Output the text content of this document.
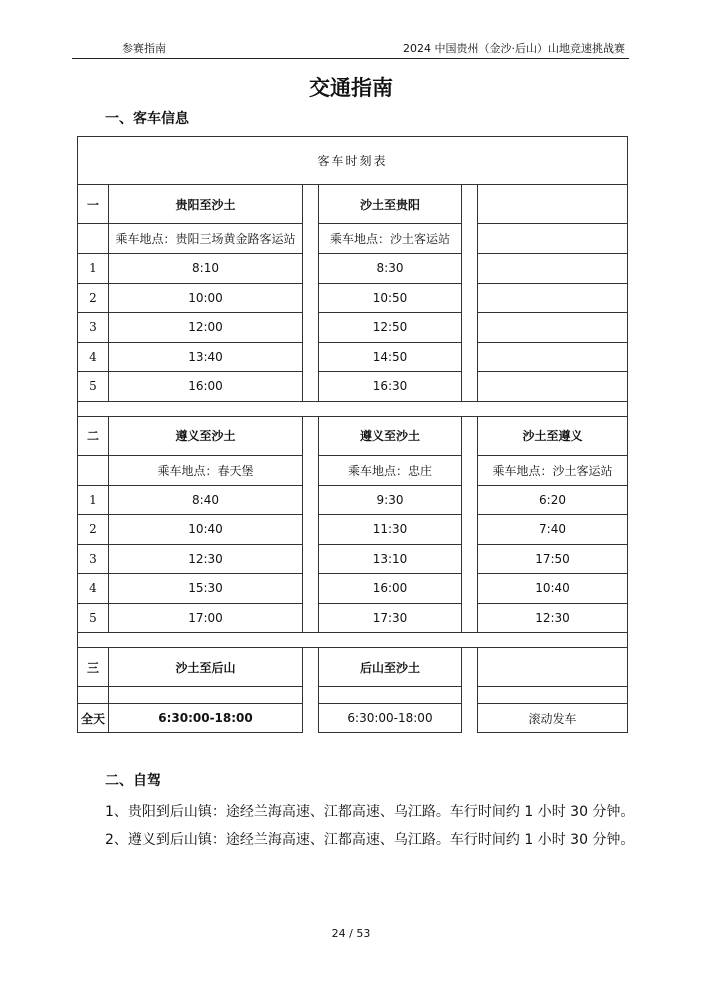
参赛指南	2024 中国贵州（金沙·后山）山地竞速挑战赛
交通指南
一、客车信息
客车时刻表					
一	贵阳至沙土		沙土至贵阳		
	乘车地点：贵阳三场黄金路客运站		乘车地点：沙土客运站		
1	8:10		8:30		
2	10:00		10:50		
3	12:00		12:50		
4	13:40		14:50		
5	16:00		16:30		

二	遵义至沙土		遵义至沙土		沙土至遵义
	乘车地点：春天堡		乘车地点：忠庄		乘车地点：沙土客运站
1	8:40		9:30		6:20
2	10:40		11:30		7:40
3	12:30		13:10		17:50
4	15:30		16:00		10:40
5	17:00		17:30		12:30

三	沙土至后山		后山至沙土		

全天	6:30:00-18:00		6:30:00-18:00		滚动发车
二、自驾
1、贵阳到后山镇：途经兰海高速、江都高速、乌江路。车行时间约 1 小时 30 分钟。
2、遵义到后山镇：途经兰海高速、江都高速、乌江路。车行时间约 1 小时 30 分钟。
24 / 53
